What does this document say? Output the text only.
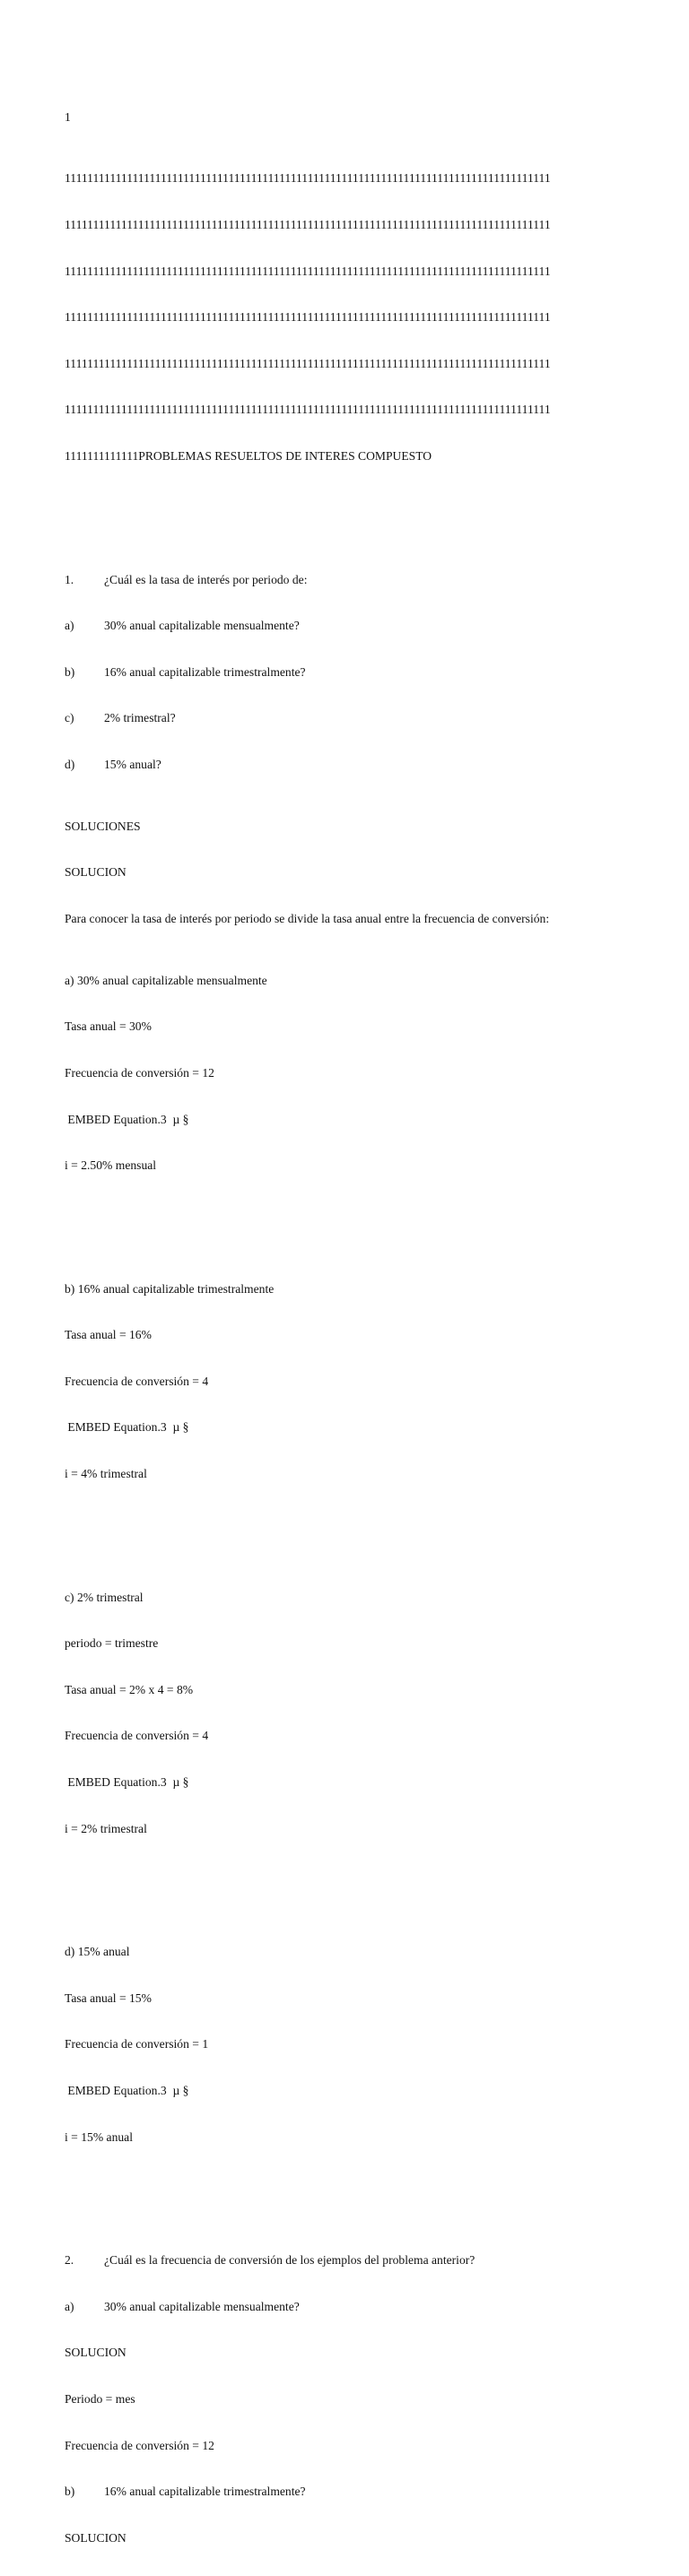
1

11111111111111111111111111111111111111111111111111111111111111111111111111111111111111

11111111111111111111111111111111111111111111111111111111111111111111111111111111111111

11111111111111111111111111111111111111111111111111111111111111111111111111111111111111

11111111111111111111111111111111111111111111111111111111111111111111111111111111111111

11111111111111111111111111111111111111111111111111111111111111111111111111111111111111

11111111111111111111111111111111111111111111111111111111111111111111111111111111111111

1111111111111PROBLEMAS RESUELTOS DE INTERES COMPUESTO

1. ¿Cuál es la tasa de interés por periodo de:

a) 30% anual capitalizable mensualmente?

b) 16% anual capitalizable trimestralmente?

c) 2% trimestral?

d) 15% anual?

SOLUCIONES

SOLUCION

Para conocer la tasa de interés por periodo se divide la tasa anual entre la frecuencia de conversión:

a) 30% anual capitalizable mensualmente

Tasa anual = 30%

Frecuencia de conversión = 12

EMBED Equation.3  µ §

i = 2.50% mensual

b) 16% anual capitalizable trimestralmente

Tasa anual = 16%

Frecuencia de conversión = 4

EMBED Equation.3  µ §

i = 4% trimestral

c) 2% trimestral

periodo = trimestre

Tasa anual = 2% x 4 = 8%

Frecuencia de conversión = 4

EMBED Equation.3  µ §

i = 2% trimestral

d) 15% anual

Tasa anual = 15%

Frecuencia de conversión = 1

EMBED Equation.3  µ §

i = 15% anual

2. ¿Cuál es la frecuencia de conversión de los ejemplos del problema anterior?

a) 30% anual capitalizable mensualmente?

SOLUCION

Periodo = mes

Frecuencia de conversión = 12

b) 16% anual capitalizable trimestralmente?

SOLUCION
